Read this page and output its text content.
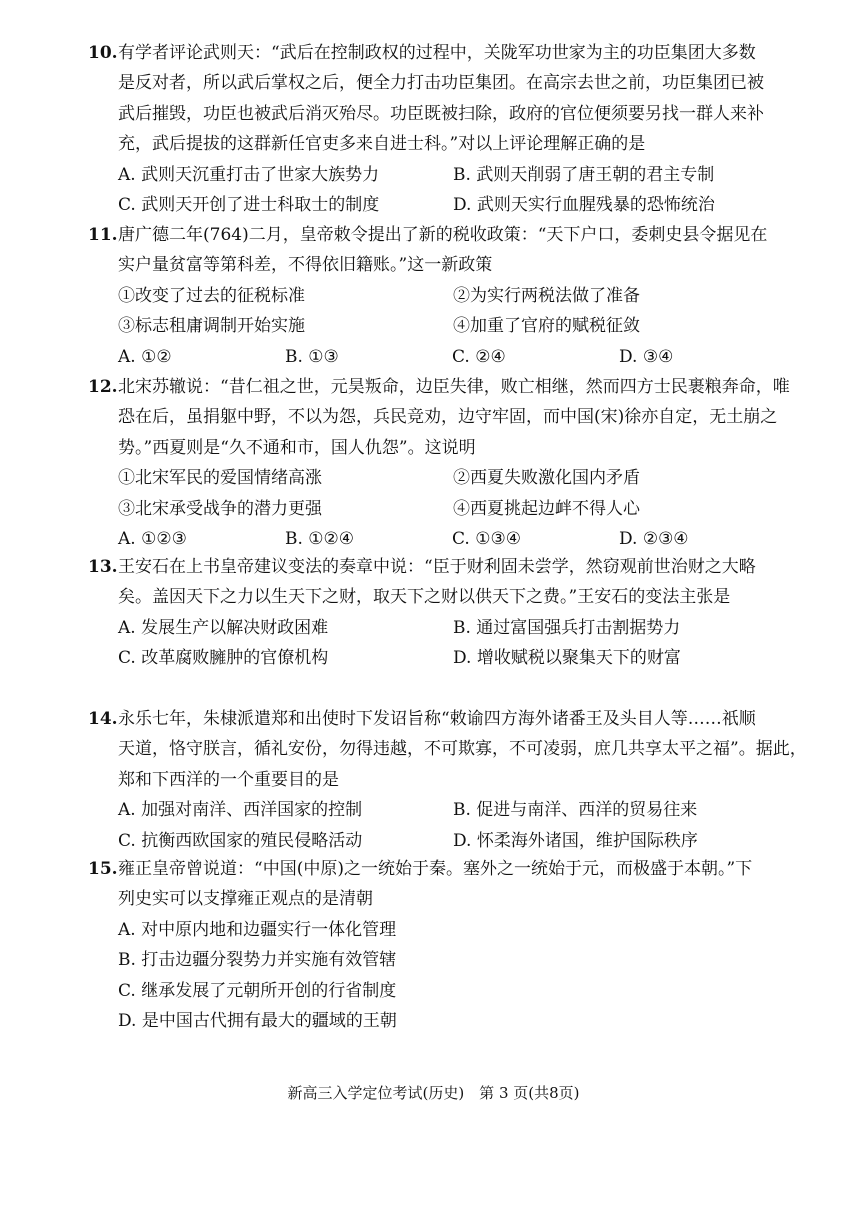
10. 有学者评论武则天：“武后在控制政权的过程中，关陇军功世家为主的功臣集团大多数
是反对者，所以武后掌权之后，便全力打击功臣集团。在高宗去世之前，功臣集团已被
武后摧毁，功臣也被武后消灭殆尽。功臣既被扫除，政府的官位便须要另找一群人来补
充，武后提拔的这群新任官吏多来自进士科。”对以上评论理解正确的是
A. 武则天沉重打击了世家大族势力	B. 武则天削弱了唐王朝的君主专制
C. 武则天开创了进士科取士的制度	D. 武则天实行血腥残暴的恐怖统治
11. 唐广德二年(764)二月，皇帝敕令提出了新的税收政策：“天下户口，委刺史县令据见在
实户量贫富等第科差，不得依旧籍账。”这一新政策
①改变了过去的征税标准	②为实行两税法做了准备
③标志租庸调制开始实施	④加重了官府的赋税征敛
A. ①②	B. ①③	C. ②④	D. ③④
12. 北宋苏辙说：“昔仁祖之世，元昊叛命，边臣失律，败亡相继，然而四方士民裹粮奔命，唯
恐在后，虽捐躯中野，不以为怨，兵民竞劝，边守牢固，而中国(宋)徐亦自定，无土崩之
势。”西夏则是“久不通和市，国人仇怨”。这说明
①北宋军民的爱国情绪高涨	②西夏失败激化国内矛盾
③北宋承受战争的潜力更强	④西夏挑起边衅不得人心
A. ①②③	B. ①②④	C. ①③④	D. ②③④
13. 王安石在上书皇帝建议变法的奏章中说：“臣于财利固未尝学，然窃观前世治财之大略
矣。盖因天下之力以生天下之财，取天下之财以供天下之费。”王安石的变法主张是
A. 发展生产以解决财政困难	B. 通过富国强兵打击割据势力
C. 改革腐败臃肿的官僚机构	D. 增收赋税以聚集天下的财富
14. 永乐七年，朱棣派遣郑和出使时下发诏旨称“敕谕四方海外诸番王及头目人等……祇顺
天道，恪守朕言，循礼安份，勿得违越，不可欺寡，不可凌弱，庶几共享太平之福”。据此，
郑和下西洋的一个重要目的是
A. 加强对南洋、西洋国家的控制	B. 促进与南洋、西洋的贸易往来
C. 抗衡西欧国家的殖民侵略活动	D. 怀柔海外诸国，维护国际秩序
15. 雍正皇帝曾说道：“中国(中原)之一统始于秦。塞外之一统始于元，而极盛于本朝。”下
列史实可以支撑雍正观点的是清朝
A. 对中原内地和边疆实行一体化管理
B. 打击边疆分裂势力并实施有效管辖
C. 继承发展了元朝所开创的行省制度
D. 是中国古代拥有最大的疆域的王朝
新高三入学定位考试(历史)　第 3 页(共8页)
